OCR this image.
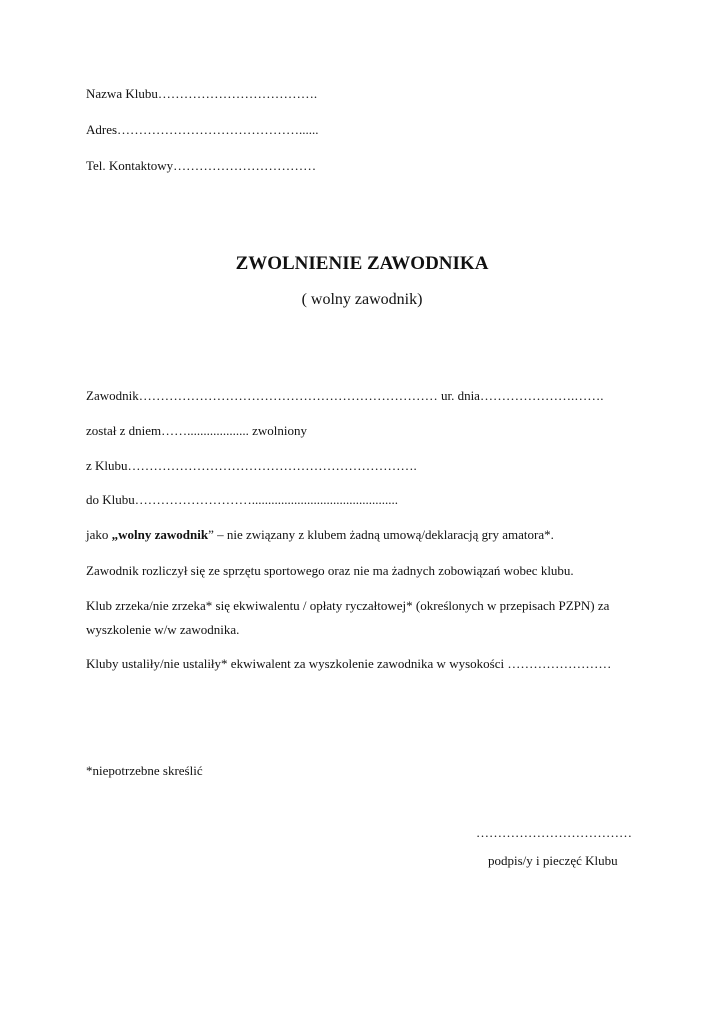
Nazwa Klubu……………………………….
Adres……………………………………......
Tel. Kontaktowy……………………………
ZWOLNIENIE ZAWODNIKA
( wolny zawodnik)
Zawodnik…………………………………………………………… ur. dnia………………….…….
został z dniem……................... zwolniony
z Klubu………………………………………………………….
do Klubu……………………….............................................
jako „wolny zawodnik” – nie związany z klubem żadną umową/deklaracją gry amatora*.
Zawodnik rozliczył się ze sprzętu sportowego oraz nie ma żadnych zobowiązań wobec klubu.
Klub zrzeka/nie zrzeka* się ekwiwalentu / opłaty ryczałtowej* (określonych w przepisach PZPN) za
wyszkolenie w/w zawodnika.
Kluby ustaliły/nie ustaliły* ekwiwalent za wyszkolenie zawodnika w wysokości ……………………
*niepotrzebne skreślić
………………………………
podpis/y i pieczęć Klubu
